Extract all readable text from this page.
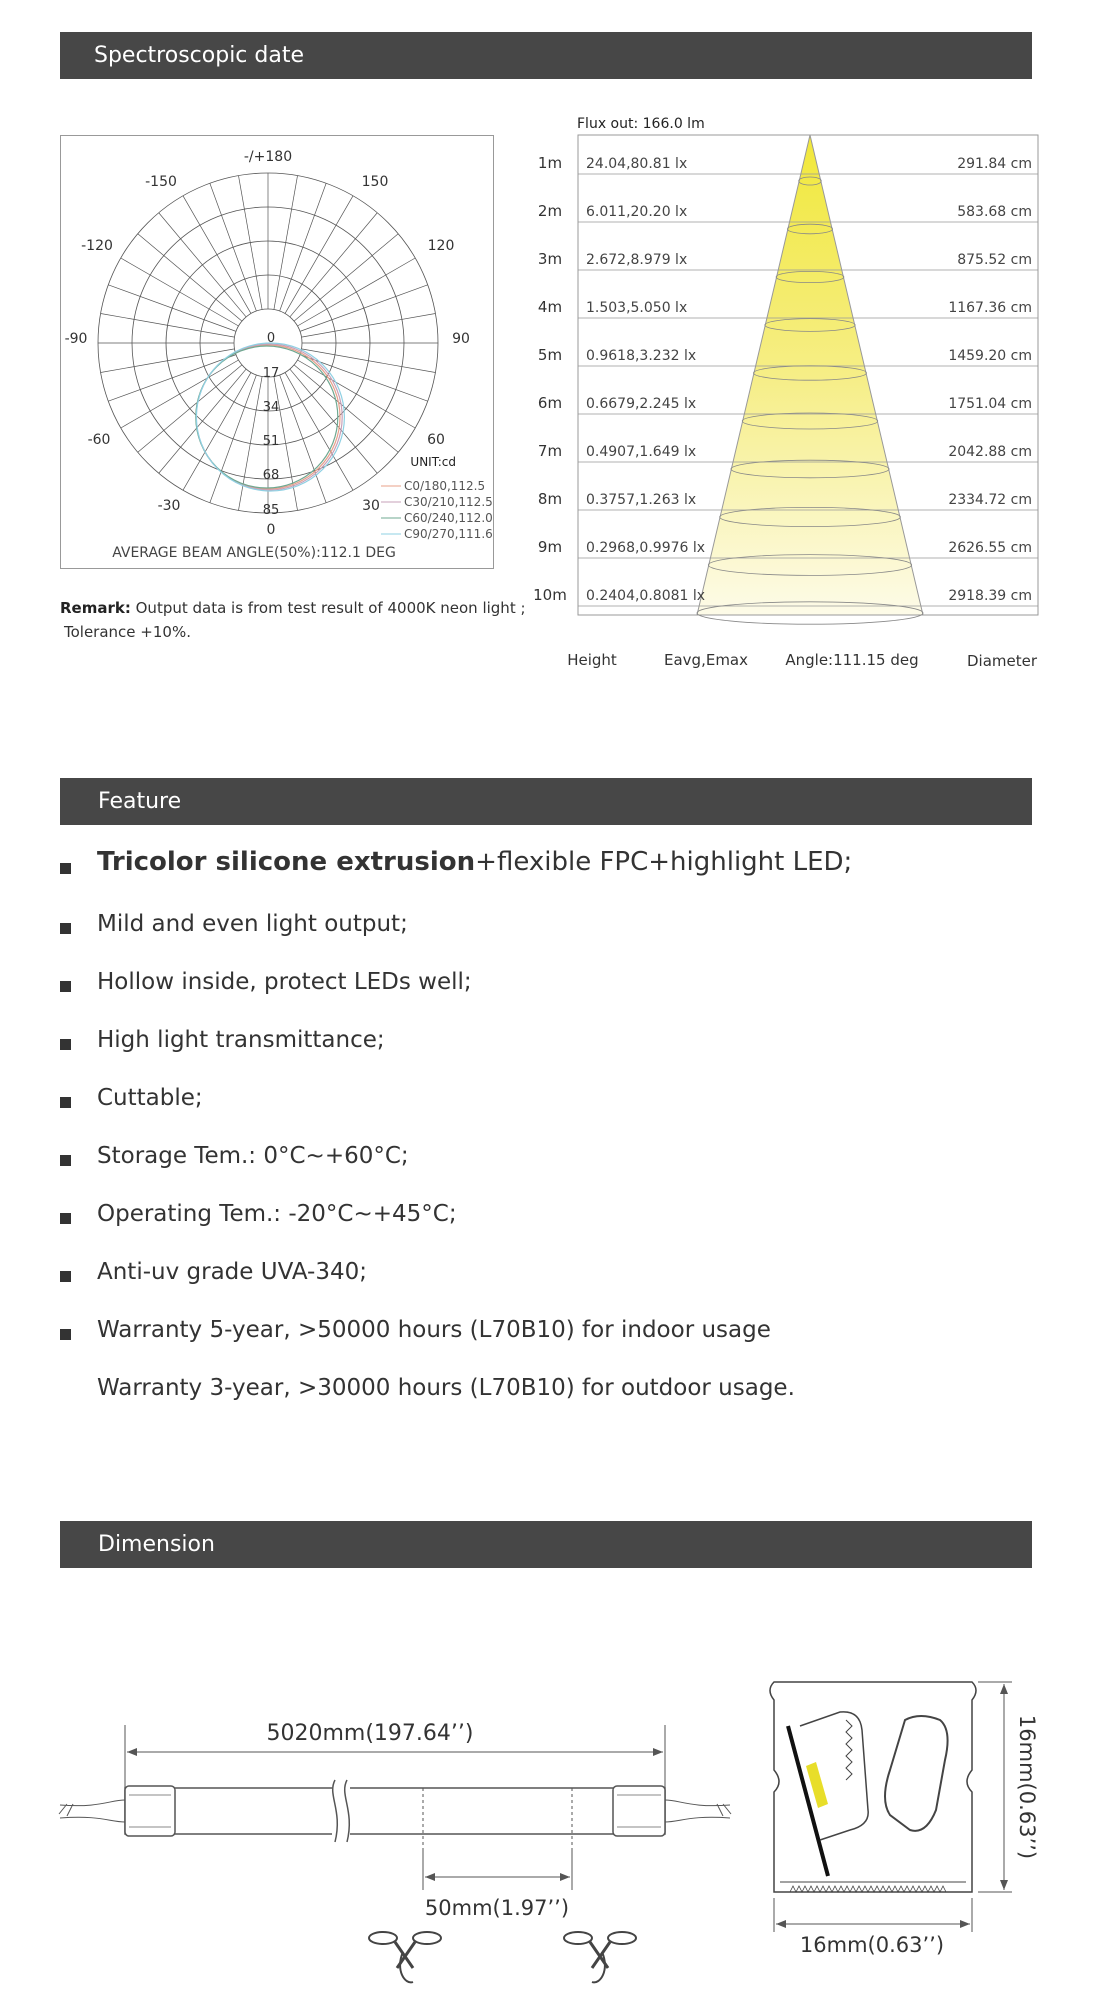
Spectroscopic date
-/+180
-150	150
-120	120
-90	90
-60	60
-30	30
0
0
17
34
51
68
85
UNIT:cd
C0/180,112.5
C30/210,112.5
C60/240,112.0
C90/270,111.6
AVERAGE BEAM ANGLE(50%):112.1 DEG
Remark: Output data is from test result of 4000K neon light ;
Tolerance +10%.
Flux out: 166.0 lm
1m 24.04,80.81 lx	291.84 cm
2m 6.011,20.20 lx	583.68 cm
3m 2.672,8.979 lx	875.52 cm
4m 1.503,5.050 lx	1167.36 cm
5m 0.9618,3.232 lx	1459.20 cm
6m 0.6679,2.245 lx	1751.04 cm
7m 0.4907,1.649 lx	2042.88 cm
8m 0.3757,1.263 lx	2334.72 cm
9m 0.2968,0.9976 lx	2626.55 cm
10m 0.2404,0.8081 lx	2918.39 cm
Height	Eavg,Emax Angle:111.15 deg	Diameter
Feature
Tricolor silicone extrusion+flexible FPC+highlight LED;
Mild and even light output;
Hollow inside, protect LEDs well;
High light transmittance;
Cuttable;
Storage Tem.: 0°C~+60°C;
Operating Tem.: -20°C~+45°C;
Anti-uv grade UVA-340;
Warranty 5-year, >50000 hours (L70B10) for indoor usage
Warranty 3-year, >30000 hours (L70B10) for outdoor usage.
Dimension
5020mm(197.64’’)
50mm(1.97’’)
16mm(0.63’’)
16mm(0.63’’)
